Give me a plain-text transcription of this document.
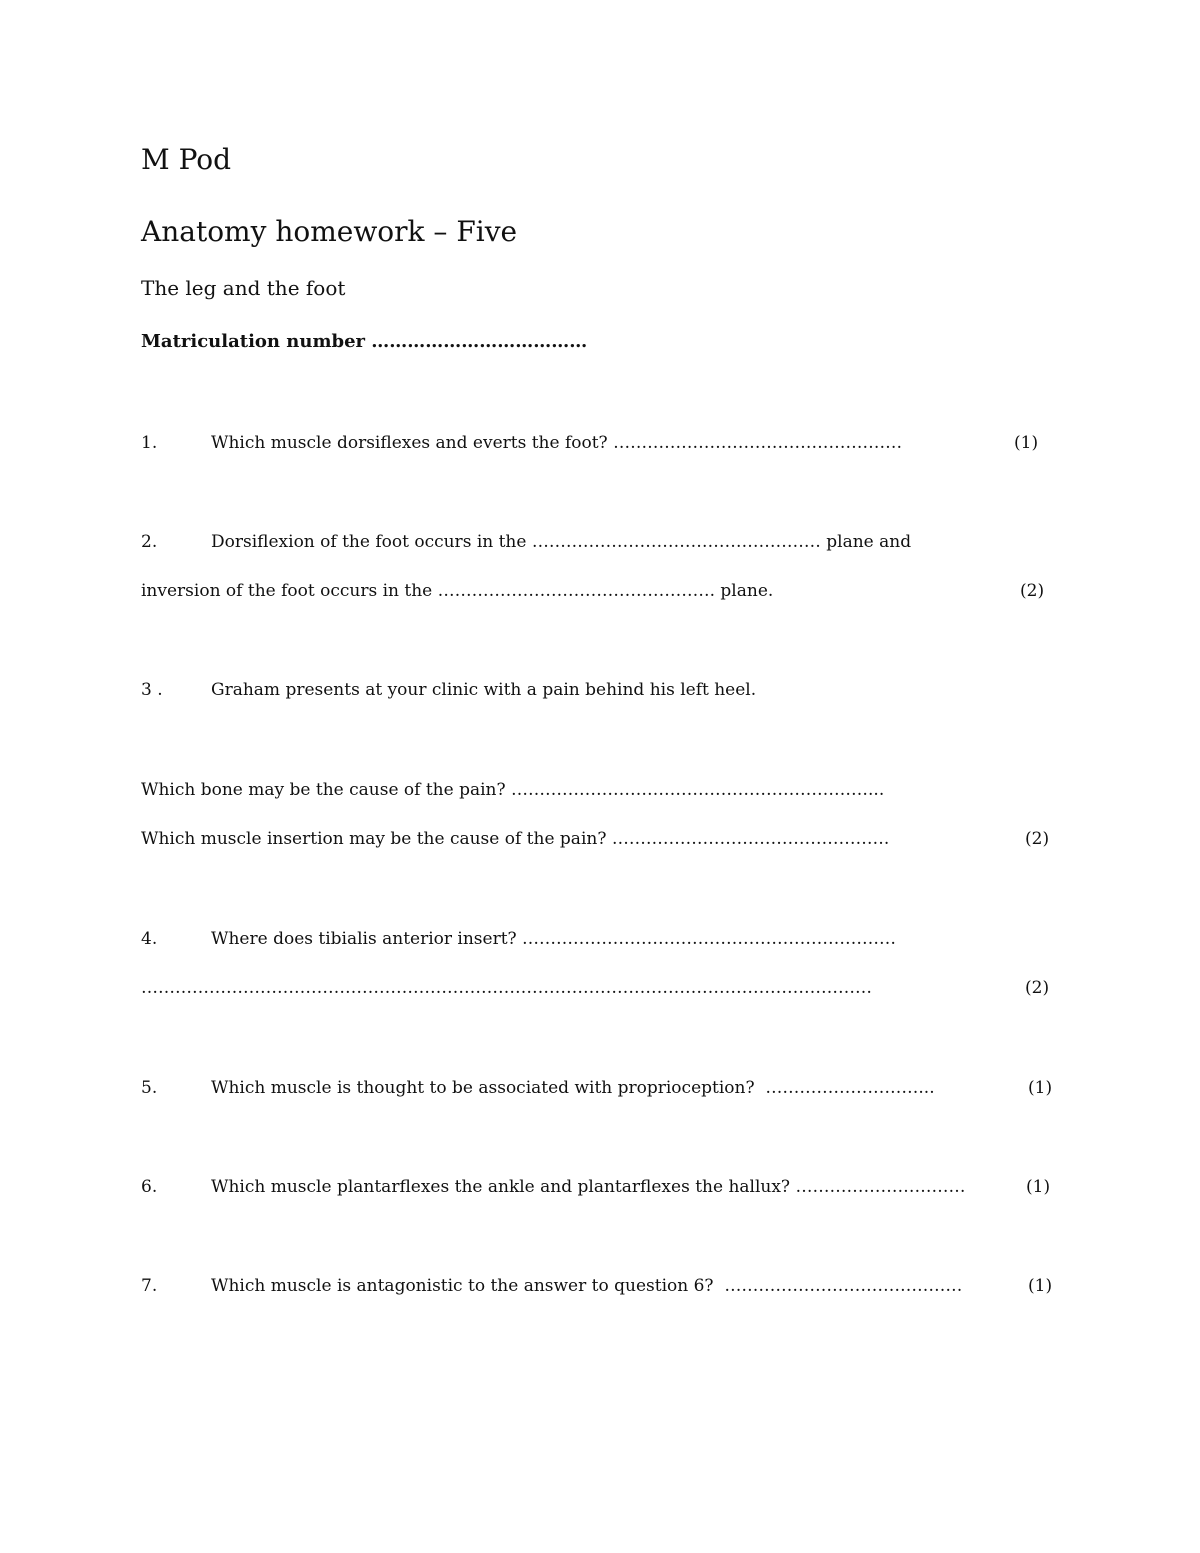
M Pod
Anatomy homework – Five
The leg and the foot
Matriculation number ………………………………
1.	Which muscle dorsiflexes and everts the foot? ……………………………………………	(1)
2.	Dorsiflexion of the foot occurs in the …………………………………………… plane and
inversion of the foot occurs in the …………………………………………. plane.	(2)
3 .	Graham presents at your clinic with a pain behind his left heel.
Which bone may be the cause of the pain? ………………………………………………………...
Which muscle insertion may be the cause of the pain? ………………………………………….	(2)
4.	Where does tibialis anterior insert? …………………………………………………………
…………………………………………………………………………………………………………………	(2)
5.	Which muscle is thought to be associated with proprioception?  ………………………...	(1)
6.	Which muscle plantarflexes the ankle and plantarflexes the hallux? …………………………	(1)
7.	Which muscle is antagonistic to the answer to question 6?  ……………………………………	(1)
